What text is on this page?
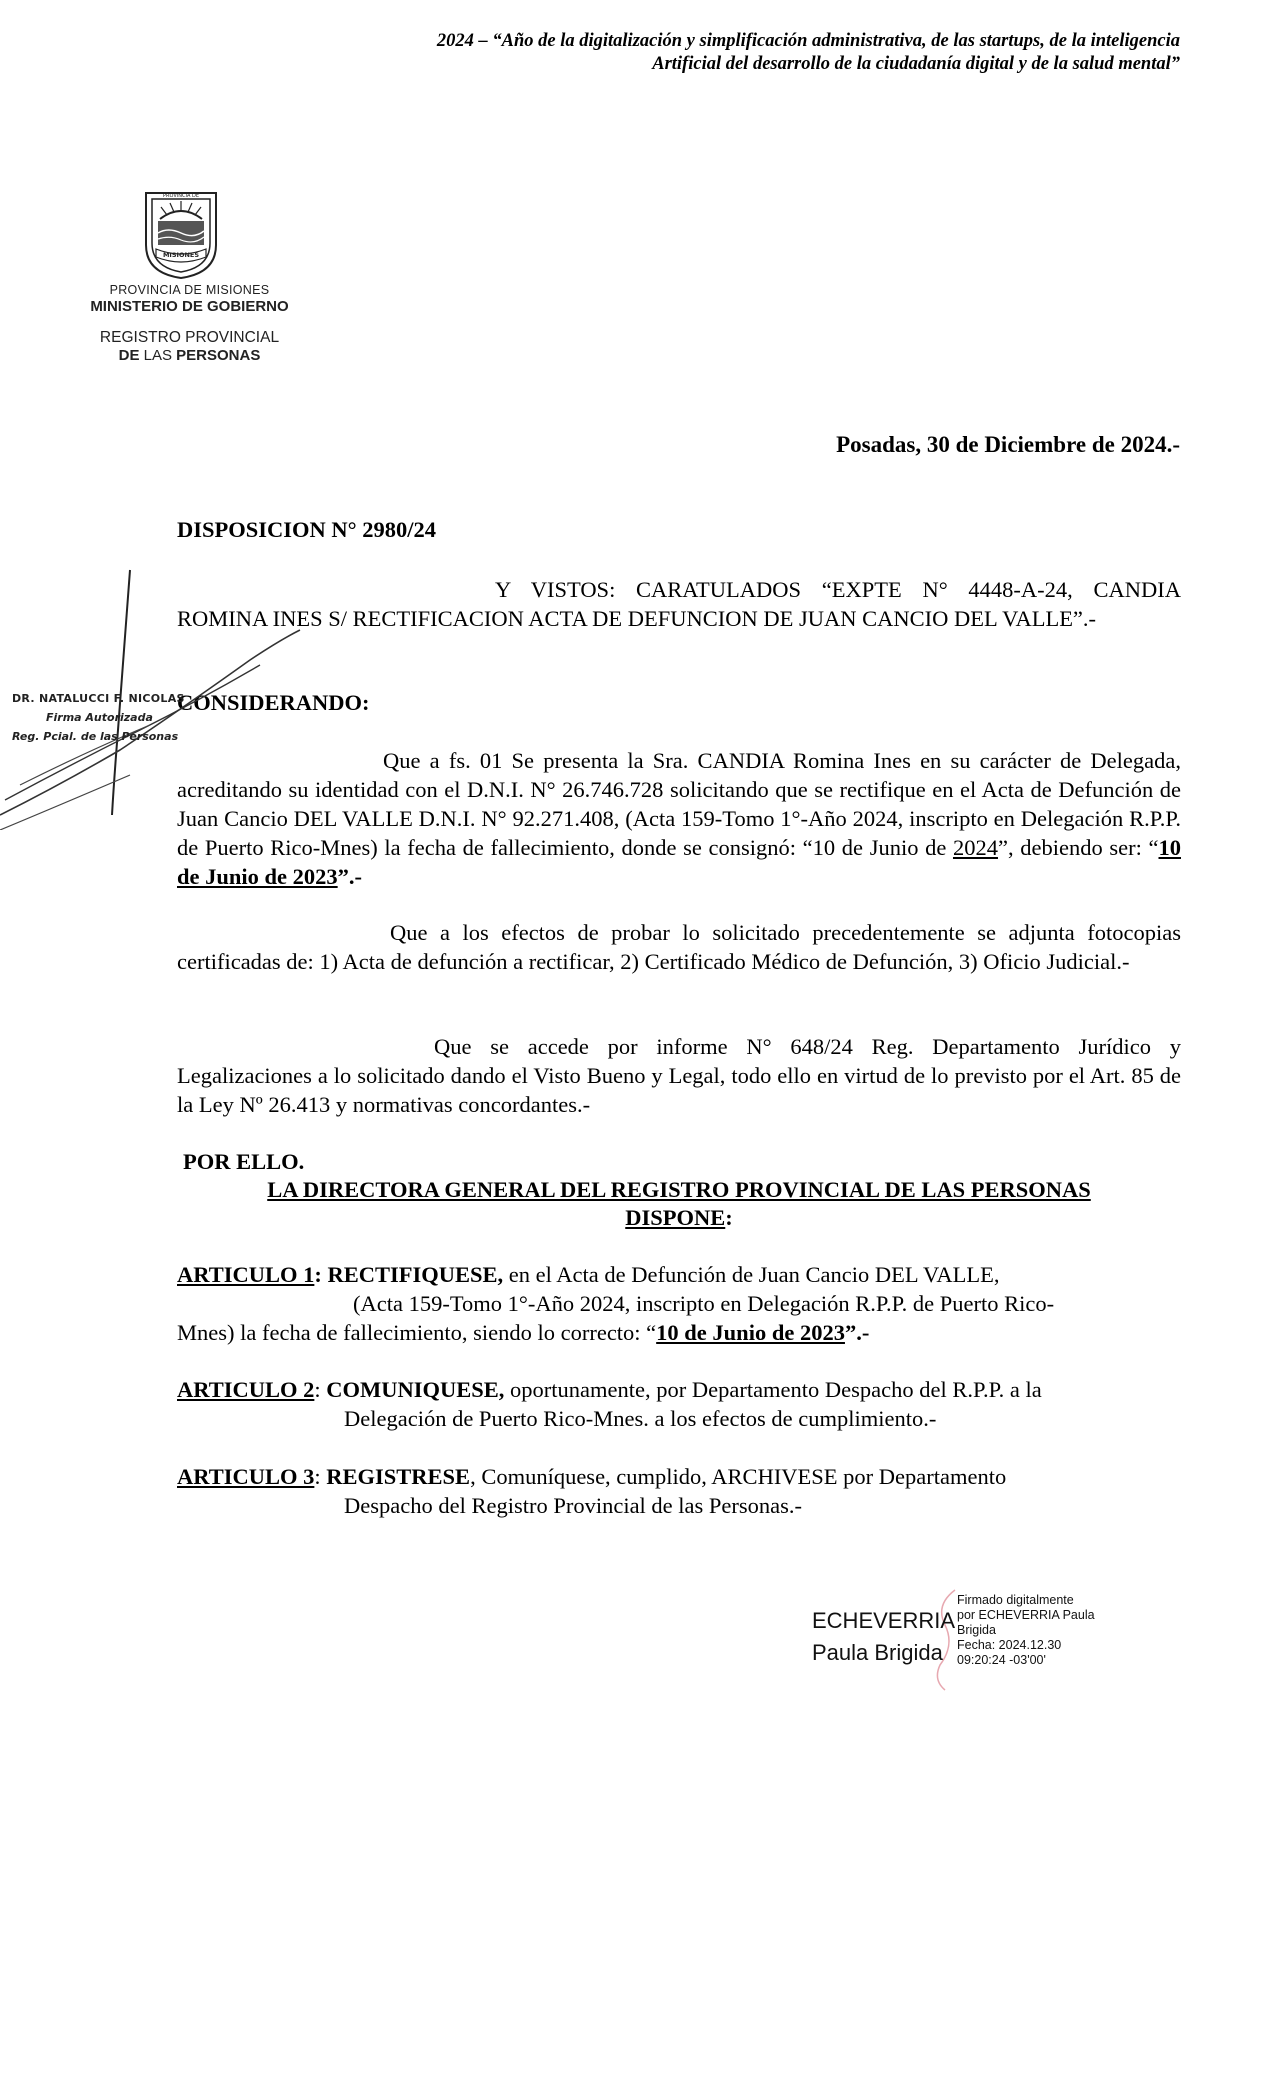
2024 – “Año de la digitalización y simplificación administrativa, de las startups, de la inteligencia
Artificial del desarrollo de la ciudadanía digital y de la salud mental”
MISIONES
PROVINCIA DE
PROVINCIA DE MISIONES
MINISTERIO DE GOBIERNO
REGISTRO PROVINCIAL
DE LAS PERSONAS
Posadas, 30 de Diciembre de 2024.-
DISPOSICION N° 2980/24
Y VISTOS: CARATULADOS “EXPTE N° 4448-A-24, CANDIA ROMINA INES S/ RECTIFICACION ACTA DE DEFUNCION DE JUAN CANCIO DEL VALLE”.-
CONSIDERANDO:
Que a fs. 01 Se presenta la Sra. CANDIA Romina Ines en su carácter de Delegada, acreditando su identidad con el D.N.I. N° 26.746.728 solicitando que se rectifique en el Acta de Defunción de Juan Cancio DEL VALLE D.N.I. N° 92.271.408, (Acta 159-Tomo 1°-Año 2024, inscripto en Delegación R.P.P. de Puerto Rico-Mnes) la fecha de fallecimiento, donde se consignó: “10 de Junio de 2024”, debiendo ser: “10 de Junio de 2023”.-
Que a los efectos de probar lo solicitado precedentemente se adjunta fotocopias certificadas de: 1) Acta de defunción a rectificar, 2) Certificado Médico de Defunción, 3) Oficio Judicial.-
Que se accede por informe N° 648/24 Reg. Departamento Jurídico y Legalizaciones a lo solicitado dando el Visto Bueno y Legal, todo ello en virtud de lo previsto por el Art. 85 de la Ley Nº 26.413 y normativas concordantes.-
POR ELLO.
LA DIRECTORA GENERAL DEL REGISTRO PROVINCIAL DE LAS PERSONAS
DISPONE:
ARTICULO 1: RECTIFIQUESE, en el Acta de Defunción de Juan Cancio DEL VALLE,
(Acta 159-Tomo 1°-Año 2024, inscripto en Delegación R.P.P. de Puerto Rico-
Mnes) la fecha de fallecimiento, siendo lo correcto: “10 de Junio de 2023”.-
ARTICULO 2: COMUNIQUESE, oportunamente, por Departamento Despacho del R.P.P. a la
Delegación de Puerto Rico-Mnes. a los efectos de cumplimiento.-
ARTICULO 3: REGISTRESE, Comuníquese, cumplido, ARCHIVESE por Departamento
Despacho del Registro Provincial de las Personas.-
DR. NATALUCCI F. NICOLAS
Firma Autorizada
Reg. Pcial. de las Personas
ECHEVERRIA
Paula Brigida
Firmado digitalmente
por ECHEVERRIA Paula
Brigida
Fecha: 2024.12.30
09:20:24 -03'00'
